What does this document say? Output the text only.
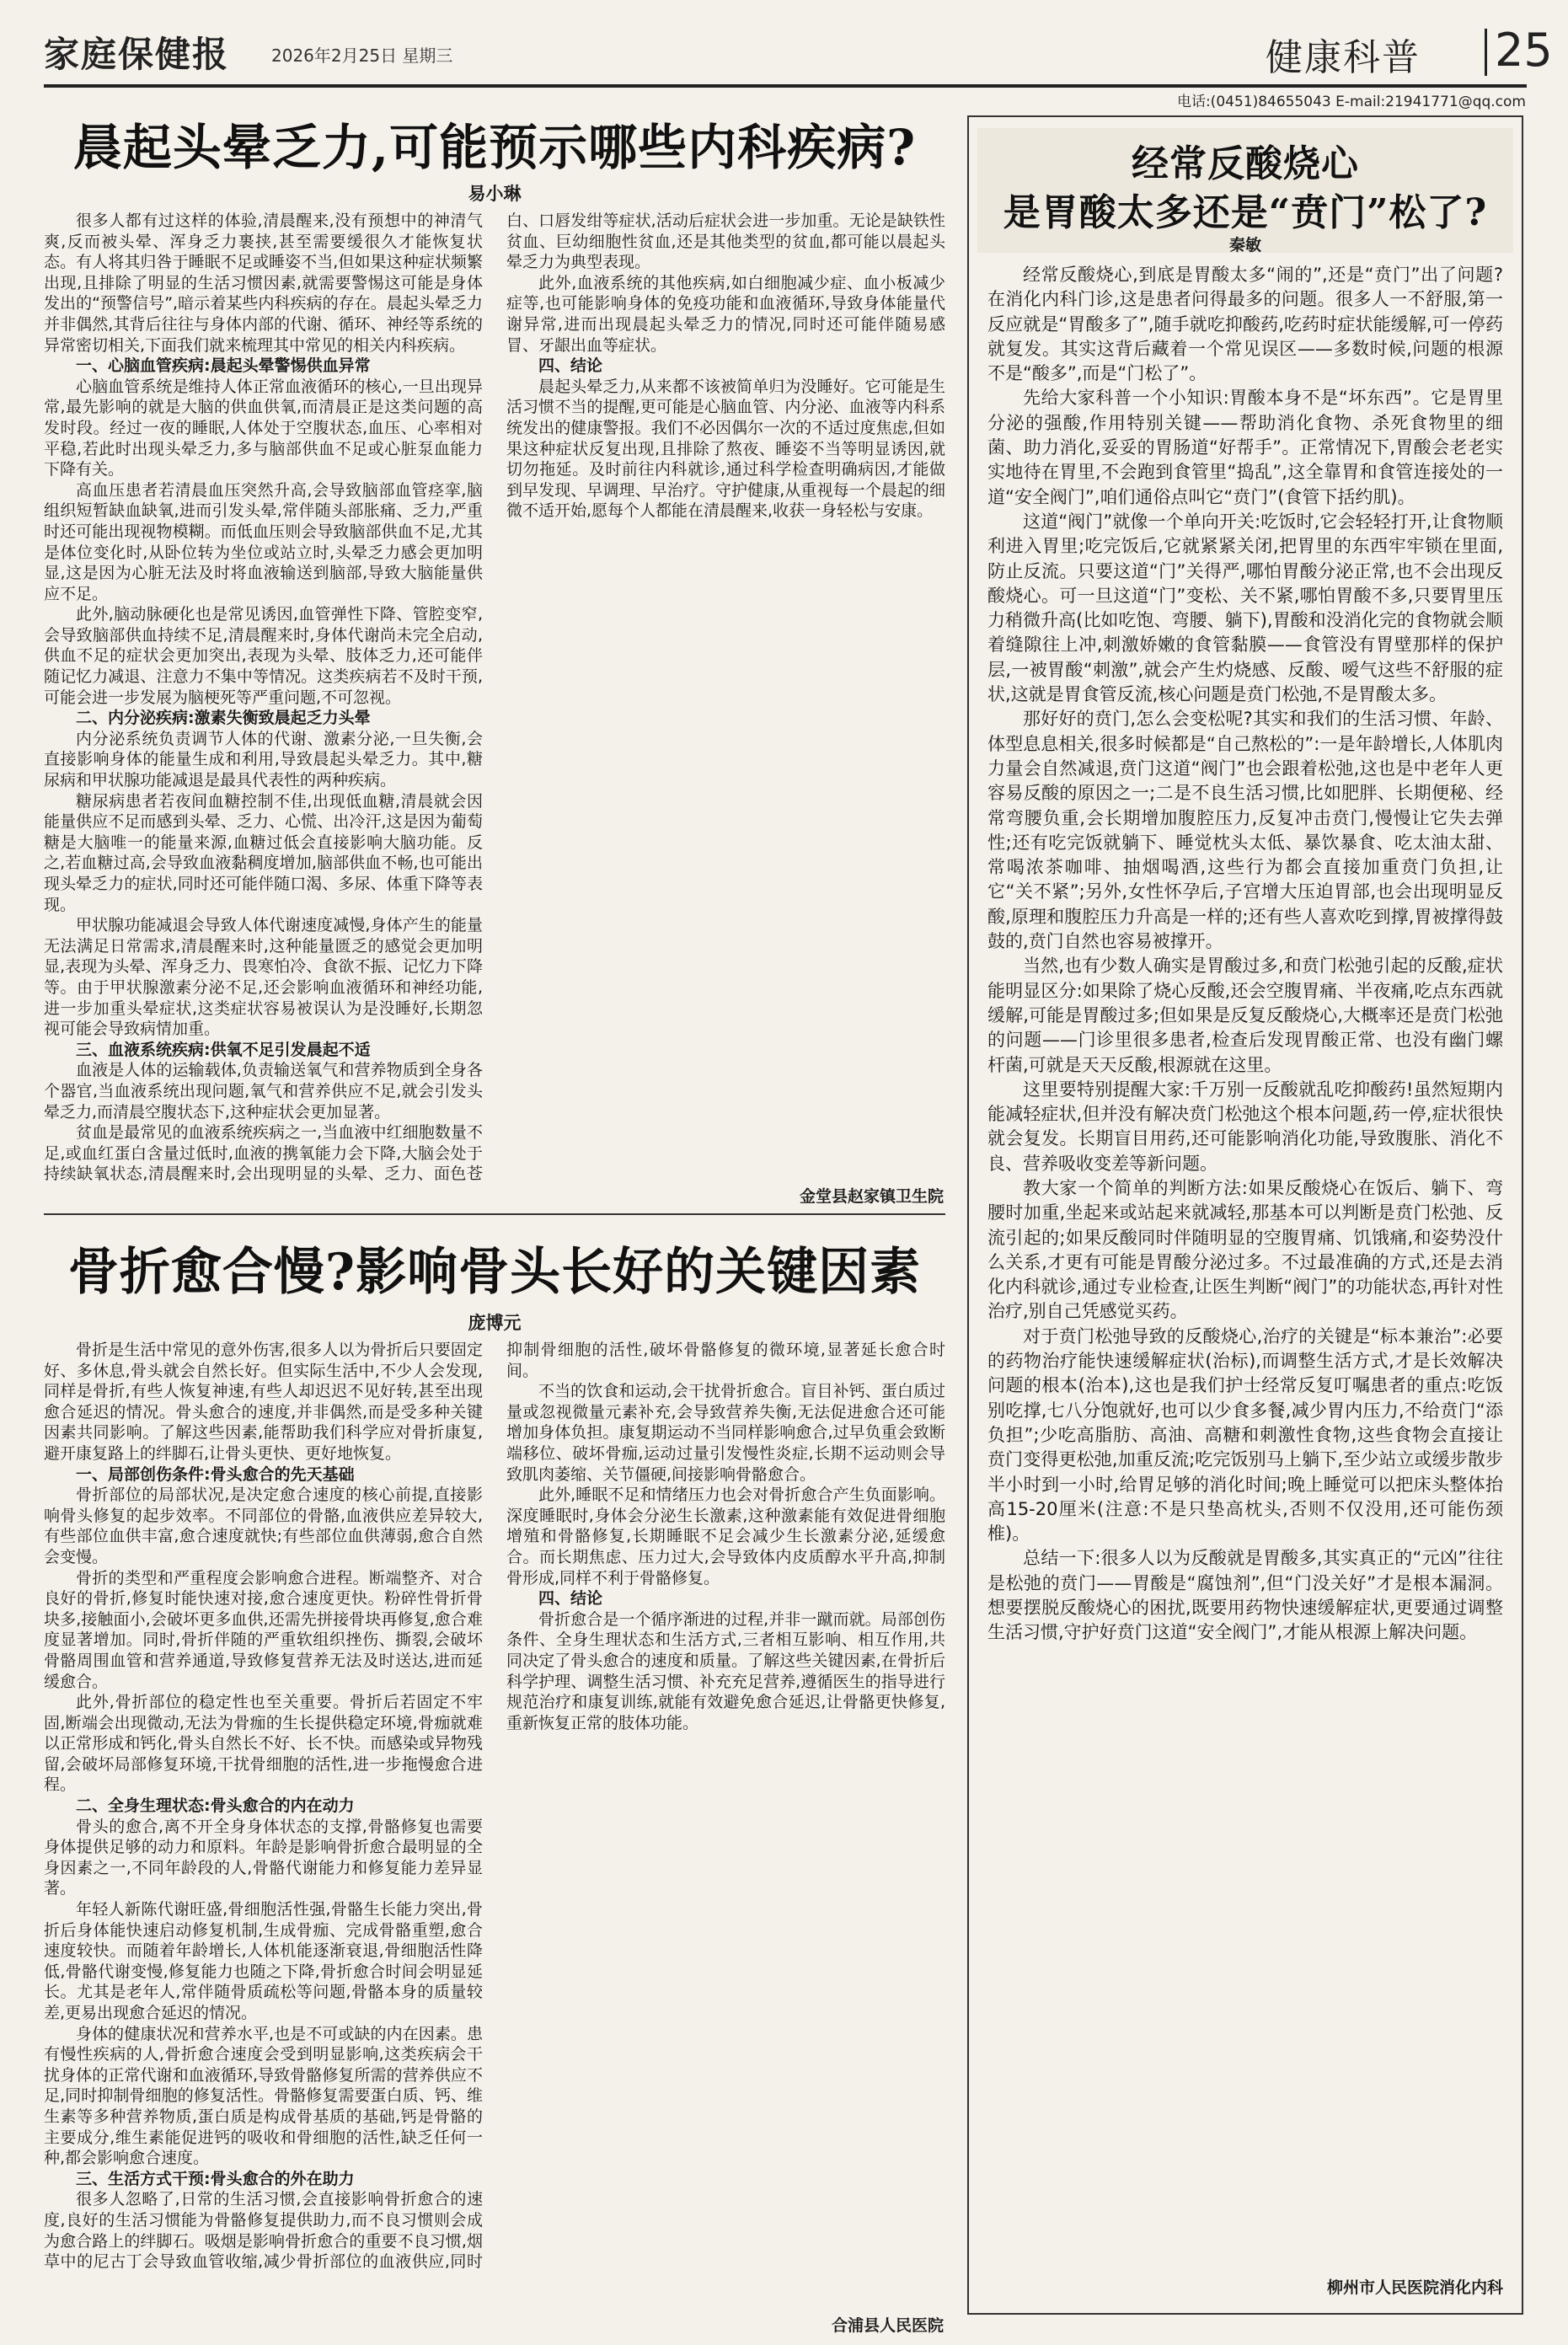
家庭保健报 2026年2月25日 星期三	健康科普 25
电话:(0451)84655043 E-mail:21941771@qq.com
晨起头晕乏力,可能预示哪些内科疾病?
易小琳

很多人都有过这样的体验,清晨醒来,没有预想中的神清气爽,反而被头晕、浑身乏力裹挟,甚至需要缓很久才能恢复状态。有人将其归咎于睡眠不足或睡姿不当,但如果这种症状频繁出现,且排除了明显的生活习惯因素,就需要警惕这可能是身体发出的“预警信号”,暗示着某些内科疾病的存在。晨起头晕乏力并非偶然,其背后往往与身体内部的代谢、循环、神经等系统的异常密切相关,下面我们就来梳理其中常见的相关内科疾病。

一、心脑血管疾病:晨起头晕警惕供血异常

心脑血管系统是维持人体正常血液循环的核心,一旦出现异常,最先影响的就是大脑的供血供氧,而清晨正是这类问题的高发时段。经过一夜的睡眠,人体处于空腹状态,血压、心率相对平稳,若此时出现头晕乏力,多与脑部供血不足或心脏泵血能力下降有关。

高血压患者若清晨血压突然升高,会导致脑部血管痉挛,脑组织短暂缺血缺氧,进而引发头晕,常伴随头部胀痛、乏力,严重时还可能出现视物模糊。而低血压则会导致脑部供血不足,尤其是体位变化时,从卧位转为坐位或站立时,头晕乏力感会更加明显,这是因为心脏无法及时将血液输送到脑部,导致大脑能量供应不足。

此外,脑动脉硬化也是常见诱因,血管弹性下降、管腔变窄,会导致脑部供血持续不足,清晨醒来时,身体代谢尚未完全启动,供血不足的症状会更加突出,表现为头晕、肢体乏力,还可能伴随记忆力减退、注意力不集中等情况。这类疾病若不及时干预,可能会进一步发展为脑梗死等严重问题,不可忽视。

二、内分泌疾病:激素失衡致晨起乏力头晕

内分泌系统负责调节人体的代谢、激素分泌,一旦失衡,会直接影响身体的能量生成和利用,导致晨起头晕乏力。其中,糖尿病和甲状腺功能减退是最具代表性的两种疾病。

糖尿病患者若夜间血糖控制不佳,出现低血糖,清晨就会因能量供应不足而感到头晕、乏力、心慌、出冷汗,这是因为葡萄糖是大脑唯一的能量来源,血糖过低会直接影响大脑功能。反之,若血糖过高,会导致血液黏稠度增加,脑部供血不畅,也可能出现头晕乏力的症状,同时还可能伴随口渴、多尿、体重下降等表现。

甲状腺功能减退会导致人体代谢速度减慢,身体产生的能量无法满足日常需求,清晨醒来时,这种能量匮乏的感觉会更加明显,表现为头晕、浑身乏力、畏寒怕冷、食欲不振、记忆力下降等。由于甲状腺激素分泌不足,还会影响血液循环和神经功能,进一步加重头晕症状,这类症状容易被误认为是没睡好,长期忽视可能会导致病情加重。

三、血液系统疾病:供氧不足引发晨起不适

血液是人体的运输载体,负责输送氧气和营养物质到全身各个器官,当血液系统出现问题,氧气和营养供应不足,就会引发头晕乏力,而清晨空腹状态下,这种症状会更加显著。

贫血是最常见的血液系统疾病之一,当血液中红细胞数量不足,或血红蛋白含量过低时,血液的携氧能力会下降,大脑会处于持续缺氧状态,清晨醒来时,会出现明显的头晕、乏力、面色苍白、口唇发绀等症状,活动后症状会进一步加重。无论是缺铁性贫血、巨幼细胞性贫血,还是其他类型的贫血,都可能以晨起头晕乏力为典型表现。

此外,血液系统的其他疾病,如白细胞减少症、血小板减少症等,也可能影响身体的免疫功能和血液循环,导致身体能量代谢异常,进而出现晨起头晕乏力的情况,同时还可能伴随易感冒、牙龈出血等症状。

四、结论

晨起头晕乏力,从来都不该被简单归为没睡好。它可能是生活习惯不当的提醒,更可能是心脑血管、内分泌、血液等内科系统发出的健康警报。我们不必因偶尔一次的不适过度焦虑,但如果这种症状反复出现,且排除了熬夜、睡姿不当等明显诱因,就切勿拖延。及时前往内科就诊,通过科学检查明确病因,才能做到早发现、早调理、早治疗。守护健康,从重视每一个晨起的细微不适开始,愿每个人都能在清晨醒来,收获一身轻松与安康。

金堂县赵家镇卫生院
骨折愈合慢?影响骨头长好的关键因素
庞博元

骨折是生活中常见的意外伤害,很多人以为骨折后只要固定好、多休息,骨头就会自然长好。但实际生活中,不少人会发现,同样是骨折,有些人恢复神速,有些人却迟迟不见好转,甚至出现愈合延迟的情况。骨头愈合的速度,并非偶然,而是受多种关键因素共同影响。了解这些因素,能帮助我们科学应对骨折康复,避开康复路上的绊脚石,让骨头更快、更好地恢复。

一、局部创伤条件:骨头愈合的先天基础

骨折部位的局部状况,是决定愈合速度的核心前提,直接影响骨头修复的起步效率。不同部位的骨骼,血液供应差异较大,有些部位血供丰富,愈合速度就快;有些部位血供薄弱,愈合自然会变慢。

骨折的类型和严重程度会影响愈合进程。断端整齐、对合良好的骨折,修复时能快速对接,愈合速度更快。粉碎性骨折骨块多,接触面小,会破坏更多血供,还需先拼接骨块再修复,愈合难度显著增加。同时,骨折伴随的严重软组织挫伤、撕裂,会破坏骨骼周围血管和营养通道,导致修复营养无法及时送达,进而延缓愈合。

此外,骨折部位的稳定性也至关重要。骨折后若固定不牢固,断端会出现微动,无法为骨痂的生长提供稳定环境,骨痂就难以正常形成和钙化,骨头自然长不好、长不快。而感染或异物残留,会破坏局部修复环境,干扰骨细胞的活性,进一步拖慢愈合进程。

二、全身生理状态:骨头愈合的内在动力

骨头的愈合,离不开全身身体状态的支撑,骨骼修复也需要身体提供足够的动力和原料。年龄是影响骨折愈合最明显的全身因素之一,不同年龄段的人,骨骼代谢能力和修复能力差异显著。

年轻人新陈代谢旺盛,骨细胞活性强,骨骼生长能力突出,骨折后身体能快速启动修复机制,生成骨痂、完成骨骼重塑,愈合速度较快。而随着年龄增长,人体机能逐渐衰退,骨细胞活性降低,骨骼代谢变慢,修复能力也随之下降,骨折愈合时间会明显延长。尤其是老年人,常伴随骨质疏松等问题,骨骼本身的质量较差,更易出现愈合延迟的情况。

身体的健康状况和营养水平,也是不可或缺的内在因素。患有慢性疾病的人,骨折愈合速度会受到明显影响,这类疾病会干扰身体的正常代谢和血液循环,导致骨骼修复所需的营养供应不足,同时抑制骨细胞的修复活性。骨骼修复需要蛋白质、钙、维生素等多种营养物质,蛋白质是构成骨基质的基础,钙是骨骼的主要成分,维生素能促进钙的吸收和骨细胞的活性,缺乏任何一种,都会影响愈合速度。

三、生活方式干预:骨头愈合的外在助力

很多人忽略了,日常的生活习惯,会直接影响骨折愈合的速度,良好的生活习惯能为骨骼修复提供助力,而不良习惯则会成为愈合路上的绊脚石。吸烟是影响骨折愈合的重要不良习惯,烟草中的尼古丁会导致血管收缩,减少骨折部位的血液供应,同时抑制骨细胞的活性,破坏骨骼修复的微环境,显著延长愈合时间。

不当的饮食和运动,会干扰骨折愈合。盲目补钙、蛋白质过量或忽视微量元素补充,会导致营养失衡,无法促进愈合还可能增加身体负担。康复期运动不当同样影响愈合,过早负重会致断端移位、破坏骨痂,运动过量引发慢性炎症,长期不运动则会导致肌肉萎缩、关节僵硬,间接影响骨骼愈合。

此外,睡眠不足和情绪压力也会对骨折愈合产生负面影响。深度睡眠时,身体会分泌生长激素,这种激素能有效促进骨细胞增殖和骨骼修复,长期睡眠不足会减少生长激素分泌,延缓愈合。而长期焦虑、压力过大,会导致体内皮质醇水平升高,抑制骨形成,同样不利于骨骼修复。

四、结论

骨折愈合是一个循序渐进的过程,并非一蹴而就。局部创伤条件、全身生理状态和生活方式,三者相互影响、相互作用,共同决定了骨头愈合的速度和质量。了解这些关键因素,在骨折后科学护理、调整生活习惯、补充充足营养,遵循医生的指导进行规范治疗和康复训练,就能有效避免愈合延迟,让骨骼更快修复,重新恢复正常的肢体功能。

合浦县人民医院
经常反酸烧心
是胃酸太多还是“贲门”松了?
秦敏

经常反酸烧心,到底是胃酸太多“闹的”,还是“贲门”出了问题?在消化内科门诊,这是患者问得最多的问题。很多人一不舒服,第一反应就是“胃酸多了”,随手就吃抑酸药,吃药时症状能缓解,可一停药就复发。其实这背后藏着一个常见误区——多数时候,问题的根源不是“酸多”,而是“门松了”。

先给大家科普一个小知识:胃酸本身不是“坏东西”。它是胃里分泌的强酸,作用特别关键——帮助消化食物、杀死食物里的细菌、助力消化,妥妥的胃肠道“好帮手”。正常情况下,胃酸会老老实实地待在胃里,不会跑到食管里“捣乱”,这全靠胃和食管连接处的一道“安全阀门”,咱们通俗点叫它“贲门”(食管下括约肌)。

这道“阀门”就像一个单向开关:吃饭时,它会轻轻打开,让食物顺利进入胃里;吃完饭后,它就紧紧关闭,把胃里的东西牢牢锁在里面,防止反流。只要这道“门”关得严,哪怕胃酸分泌正常,也不会出现反酸烧心。可一旦这道“门”变松、关不紧,哪怕胃酸不多,只要胃里压力稍微升高(比如吃饱、弯腰、躺下),胃酸和没消化完的食物就会顺着缝隙往上冲,刺激娇嫩的食管黏膜——食管没有胃壁那样的保护层,一被胃酸“刺激”,就会产生灼烧感、反酸、嗳气这些不舒服的症状,这就是胃食管反流,核心问题是贲门松弛,不是胃酸太多。

那好好的贲门,怎么会变松呢?其实和我们的生活习惯、年龄、体型息息相关,很多时候都是“自己熬松的”:一是年龄增长,人体肌肉力量会自然减退,贲门这道“阀门”也会跟着松弛,这也是中老年人更容易反酸的原因之一;二是不良生活习惯,比如肥胖、长期便秘、经常弯腰负重,会长期增加腹腔压力,反复冲击贲门,慢慢让它失去弹性;还有吃完饭就躺下、睡觉枕头太低、暴饮暴食、吃太油太甜、常喝浓茶咖啡、抽烟喝酒,这些行为都会直接加重贲门负担,让它“关不紧”;另外,女性怀孕后,子宫增大压迫胃部,也会出现明显反酸,原理和腹腔压力升高是一样的;还有些人喜欢吃到撑,胃被撑得鼓鼓的,贲门自然也容易被撑开。

当然,也有少数人确实是胃酸过多,和贲门松弛引起的反酸,症状能明显区分:如果除了烧心反酸,还会空腹胃痛、半夜痛,吃点东西就缓解,可能是胃酸过多;但如果是反复反酸烧心,大概率还是贲门松弛的问题——门诊里很多患者,检查后发现胃酸正常、也没有幽门螺杆菌,可就是天天反酸,根源就在这里。

这里要特别提醒大家:千万别一反酸就乱吃抑酸药!虽然短期内能减轻症状,但并没有解决贲门松弛这个根本问题,药一停,症状很快就会复发。长期盲目用药,还可能影响消化功能,导致腹胀、消化不良、营养吸收变差等新问题。

教大家一个简单的判断方法:如果反酸烧心在饭后、躺下、弯腰时加重,坐起来或站起来就减轻,那基本可以判断是贲门松弛、反流引起的;如果反酸同时伴随明显的空腹胃痛、饥饿痛,和姿势没什么关系,才更有可能是胃酸分泌过多。不过最准确的方式,还是去消化内科就诊,通过专业检查,让医生判断“阀门”的功能状态,再针对性治疗,别自己凭感觉买药。

对于贲门松弛导致的反酸烧心,治疗的关键是“标本兼治”:必要的药物治疗能快速缓解症状(治标),而调整生活方式,才是长效解决问题的根本(治本),这也是我们护士经常反复叮嘱患者的重点:吃饭别吃撑,七八分饱就好,也可以少食多餐,减少胃内压力,不给贲门“添负担”;少吃高脂肪、高油、高糖和刺激性食物,这些食物会直接让贲门变得更松弛,加重反流;吃完饭别马上躺下,至少站立或缓步散步半小时到一小时,给胃足够的消化时间;晚上睡觉可以把床头整体抬高15-20厘米(注意:不是只垫高枕头,否则不仅没用,还可能伤颈椎)。

总结一下:很多人以为反酸就是胃酸多,其实真正的“元凶”往往是松弛的贲门——胃酸是“腐蚀剂”,但“门没关好”才是根本漏洞。想要摆脱反酸烧心的困扰,既要用药物快速缓解症状,更要通过调整生活习惯,守护好贲门这道“安全阀门”,才能从根源上解决问题。

柳州市人民医院消化内科
